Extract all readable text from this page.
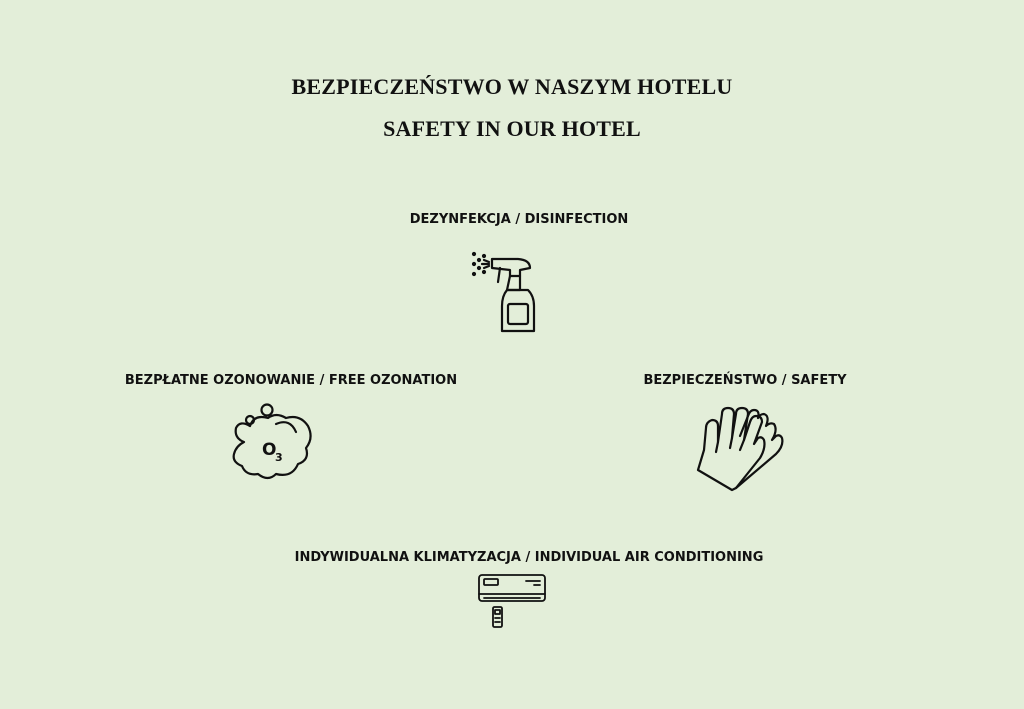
BEZPIECZEŃSTWO W NASZYM HOTELU
SAFETY IN OUR HOTEL
DEZYNFEKCJA / DISINFECTION
BEZPŁATNE OZONOWANIE / FREE OZONATION
O
3
BEZPIECZEŃSTWO / SAFETY
INDYWIDUALNA KLIMATYZACJA / INDIVIDUAL AIR CONDITIONING
